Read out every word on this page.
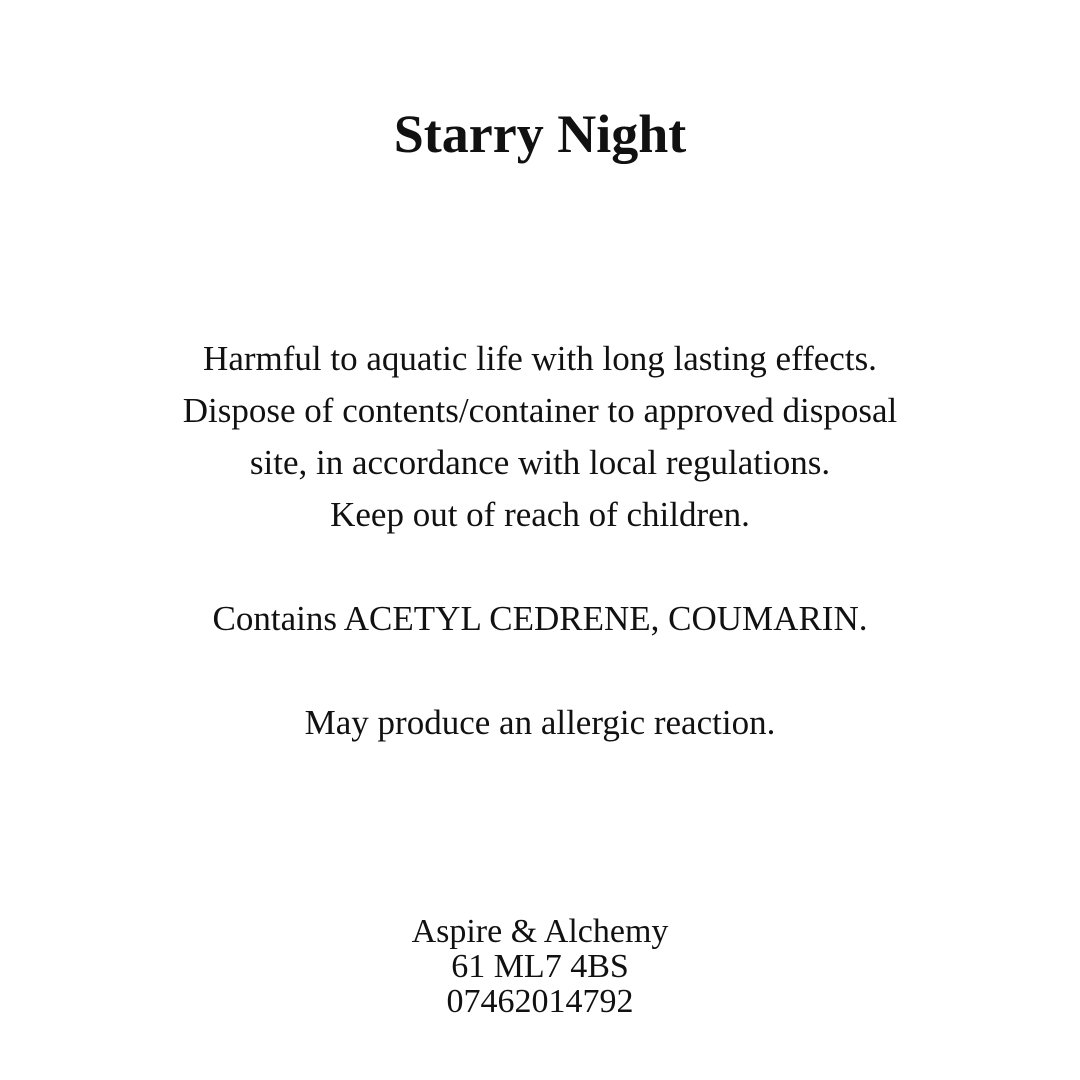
Starry Night
Harmful to aquatic life with long lasting effects.
Dispose of contents/container to approved disposal
site, in accordance with local regulations.
Keep out of reach of children.
Contains ACETYL CEDRENE, COUMARIN.
May produce an allergic reaction.
Aspire & Alchemy
61 ML7 4BS
07462014792
